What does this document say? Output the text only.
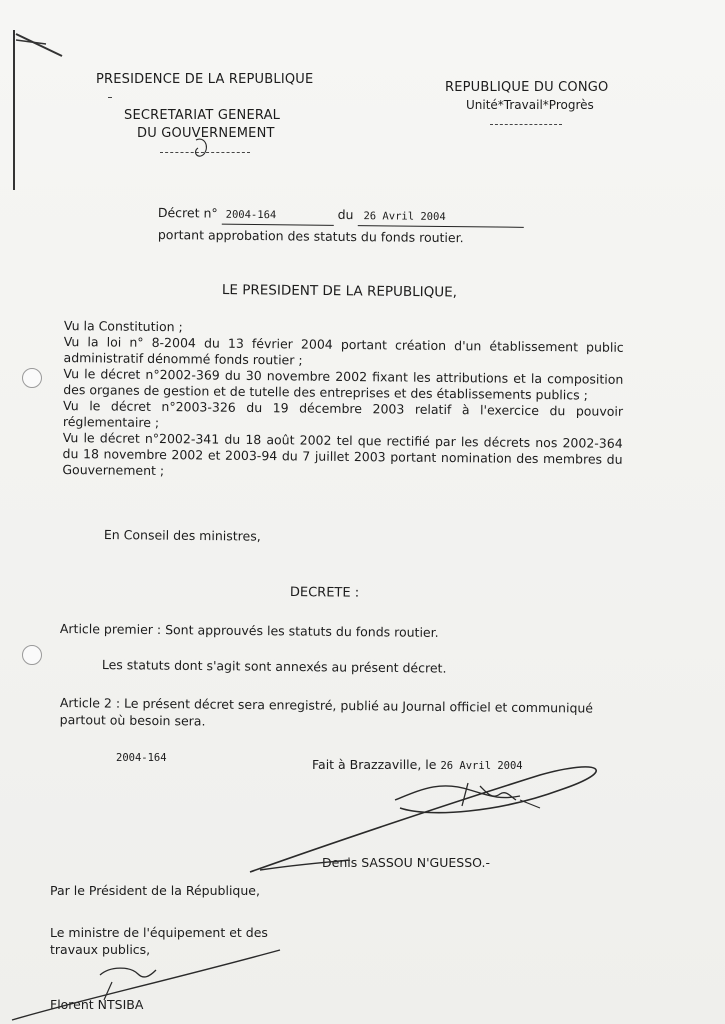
PRESIDENCE DE LA REPUBLIQUE
SECRETARIAT GENERAL
DU GOUVERNEMENT
REPUBLIQUE DU CONGO
Unité*Travail*Progrès
Décret n° 2004-164	du 26 Avril 2004
portant approbation des statuts du fonds routier.
LE PRESIDENT DE LA REPUBLIQUE,

Vu la Constitution ;

Vu la loi n° 8-2004 du 13 février 2004 portant création d'un établissement public administratif dénommé fonds routier ;

Vu le décret n°2002-369 du 30 novembre 2002 fixant les attributions et la composition des organes de gestion et de tutelle des entreprises et des établissements publics ;

Vu le décret n°2003-326 du 19 décembre 2003 relatif à l'exercice du pouvoir réglementaire ;

Vu le décret n°2002-341 du 18 août 2002 tel que rectifié par les décrets nos 2002-364 du 18 novembre 2002 et 2003-94 du 7 juillet 2003 portant nomination des membres du Gouvernement ;

En Conseil des ministres,
DECRETE :
Article premier : Sont approuvés les statuts du fonds routier.
Les statuts dont s'agit sont annexés au présent décret.
Article 2 : Le présent décret sera enregistré, publié au Journal officiel et communiqué partout où besoin sera.
2004-164	Fait à Brazzaville, le 26 Avril 2004
Denis SASSOU N'GUESSO.-
Par le Président de la République,
Le ministre de l'équipement et des
travaux publics,
Florent NTSIBA
